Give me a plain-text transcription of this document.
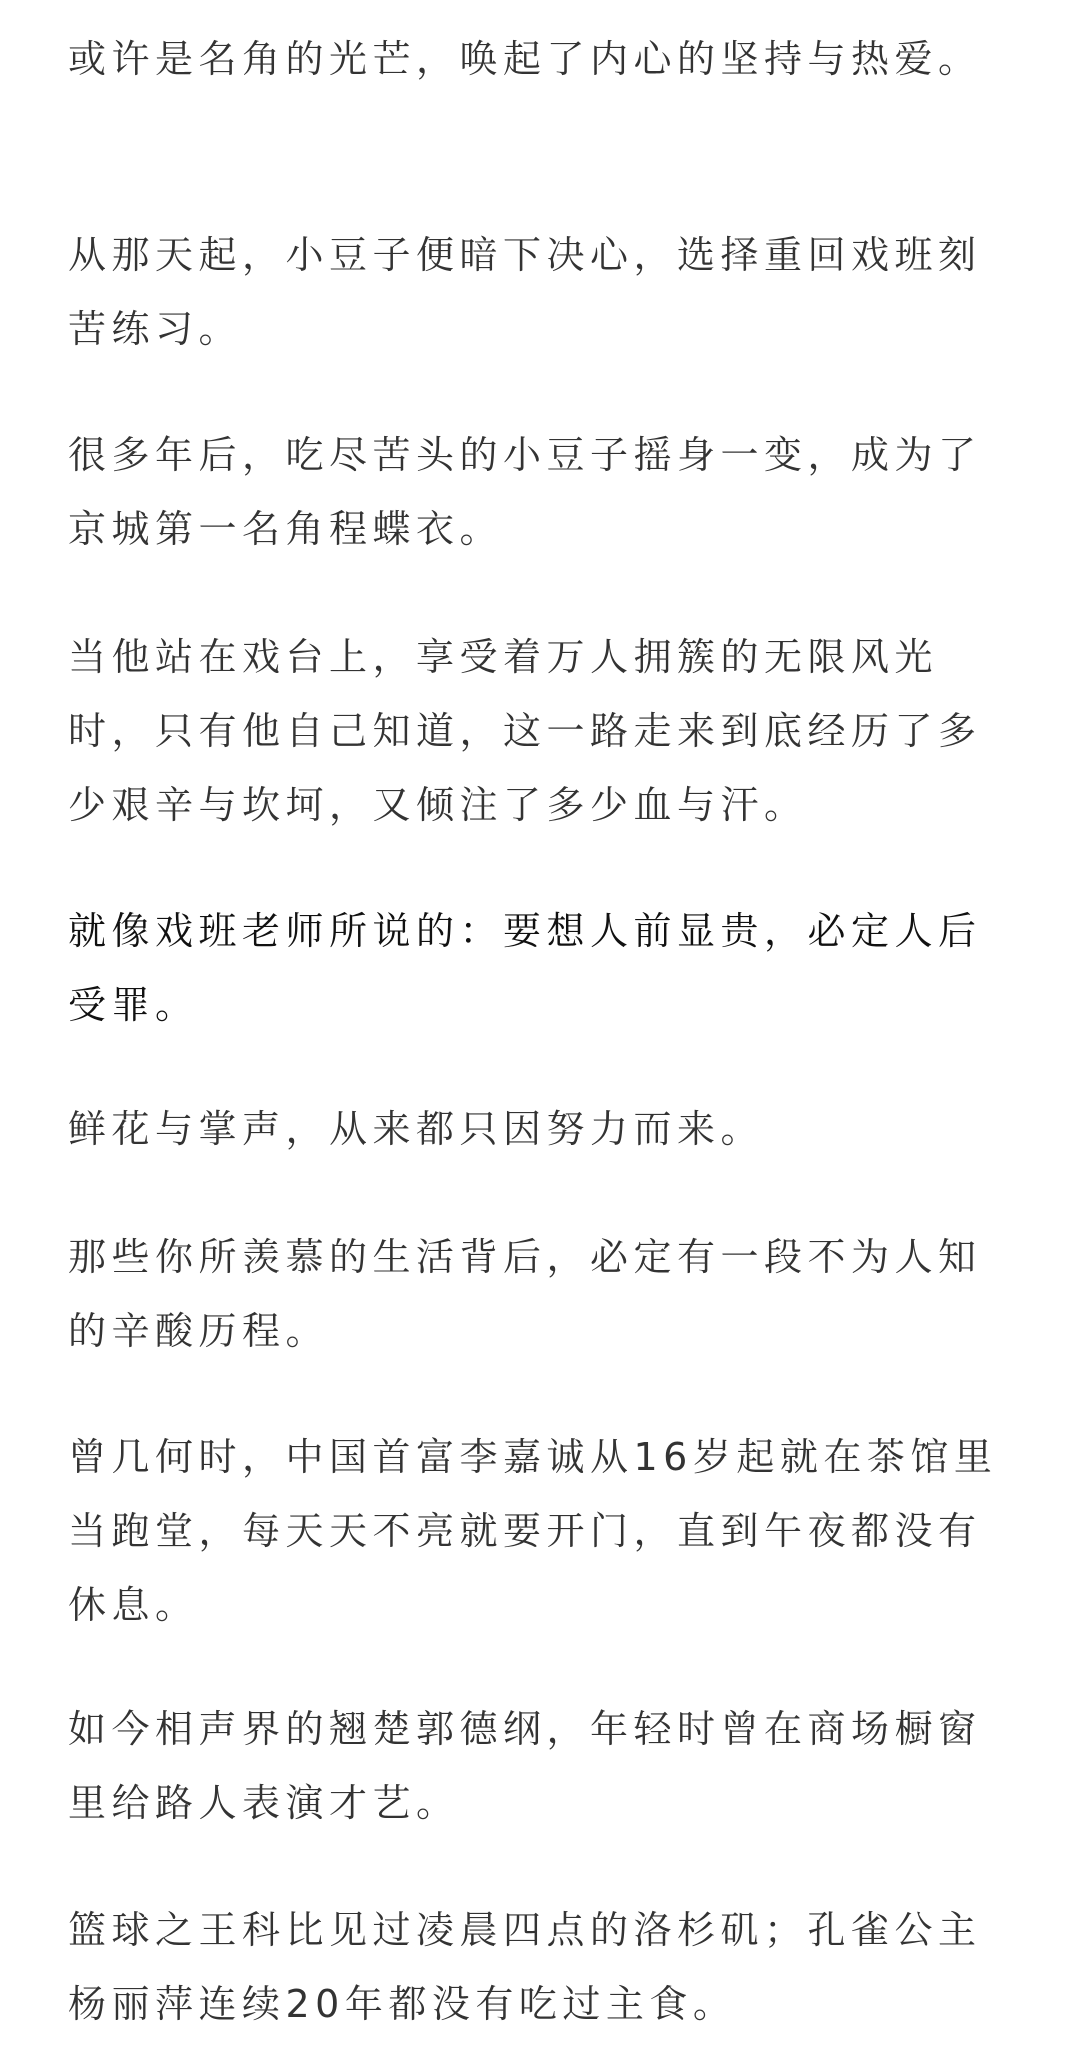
或许是名角的光芒，唤起了内心的坚持与热爱。

从那天起，小豆子便暗下决心，选择重回戏班刻苦练习。

很多年后，吃尽苦头的小豆子摇身一变，成为了京城第一名角程蝶衣。

当他站在戏台上，享受着万人拥簇的无限风光时，只有他自己知道，这一路走来到底经历了多少艰辛与坎坷，又倾注了多少血与汗。

就像戏班老师所说的：要想人前显贵，必定人后受罪。

鲜花与掌声，从来都只因努力而来。

那些你所羡慕的生活背后，必定有一段不为人知的辛酸历程。

曾几何时，中国首富李嘉诚从16岁起就在茶馆里当跑堂，每天天不亮就要开门，直到午夜都没有休息。

如今相声界的翘楚郭德纲，年轻时曾在商场橱窗里给路人表演才艺。

篮球之王科比见过凌晨四点的洛杉矶；孔雀公主杨丽萍连续20年都没有吃过主食。
